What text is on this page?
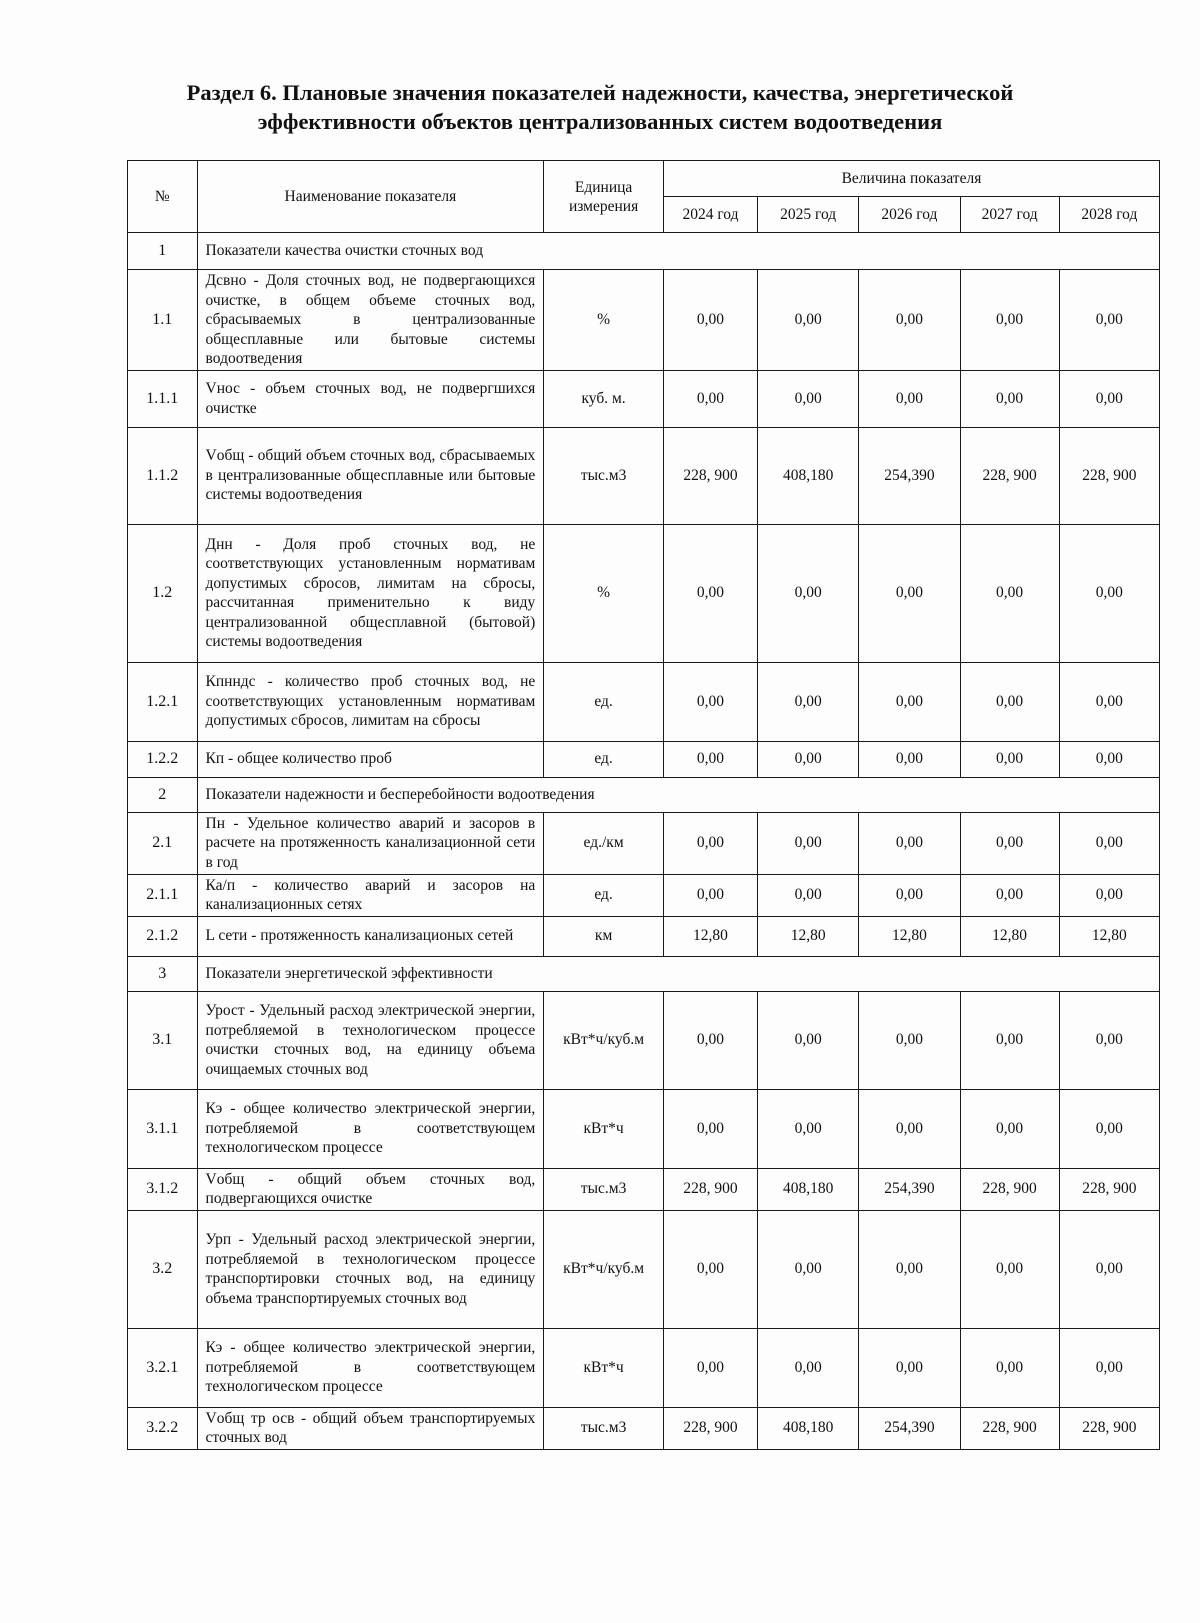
Раздел 6. Плановые значения показателей надежности, качества, энергетической
эффективности объектов централизованных систем водоотведения
№	Наименование показателя	Единица измерения	Величина показателя				
			2024 год	2025 год	2026 год	2027 год	2028 год
1	Показатели качества очистки сточных вод						
1.1	Дсвно - Доля сточных вод, не подвергающихся очистке, в общем объеме сточных вод, сбрасываемых в централизованные общесплавные или бытовые системы водоотведения	%	0,00	0,00	0,00	0,00	0,00
1.1.1	Vнос - объем сточных вод, не подвергшихся очистке	куб. м.	0,00	0,00	0,00	0,00	0,00
1.1.2	Vобщ - общий объем сточных вод, сбрасываемых в централизованные общесплавные или бытовые системы водоотведения	тыс.м3	228, 900	408,180	254,390	228, 900	228, 900
1.2	Днн - Доля проб сточных вод, не соответствующих установленным нормативам допустимых сбросов, лимитам на сбросы, рассчитанная применительно к виду централизованной общесплавной (бытовой) системы водоотведения	%	0,00	0,00	0,00	0,00	0,00
1.2.1	Кпнндс - количество проб сточных вод, не соответствующих установленным нормативам допустимых сбросов, лимитам на сбросы	ед.	0,00	0,00	0,00	0,00	0,00
1.2.2	Кп - общее количество проб	ед.	0,00	0,00	0,00	0,00	0,00
2	Показатели надежности и бесперебойности водоотведения						
2.1	Пн - Удельное количество аварий и засоров в расчете на протяженность канализационной сети в год	ед./км	0,00	0,00	0,00	0,00	0,00
2.1.1	Ка/п - количество аварий и засоров на канализационных сетях	ед.	0,00	0,00	0,00	0,00	0,00
2.1.2	L сети - протяженность канализационых сетей	км	12,80	12,80	12,80	12,80	12,80
3	Показатели энергетической эффективности						
3.1	Урост - Удельный расход электрической энергии, потребляемой в технологическом процессе очистки сточных вод, на единицу объема очищаемых сточных вод	кВт*ч/куб.м	0,00	0,00	0,00	0,00	0,00
3.1.1	Кэ - общее количество электрической энергии, потребляемой в соответствующем технологическом процессе	кВт*ч	0,00	0,00	0,00	0,00	0,00
3.1.2	Vобщ - общий объем сточных вод, подвергающихся очистке	тыс.м3	228, 900	408,180	254,390	228, 900	228, 900
3.2	Урп - Удельный расход электрической энергии, потребляемой в технологическом процессе транспортировки сточных вод, на единицу объема транспортируемых сточных вод	кВт*ч/куб.м	0,00	0,00	0,00	0,00	0,00
3.2.1	Кэ - общее количество электрической энергии, потребляемой в соответствующем технологическом процессе	кВт*ч	0,00	0,00	0,00	0,00	0,00
3.2.2	Vобщ тр осв - общий объем транспортируемых сточных вод	тыс.м3	228, 900	408,180	254,390	228, 900	228, 900
